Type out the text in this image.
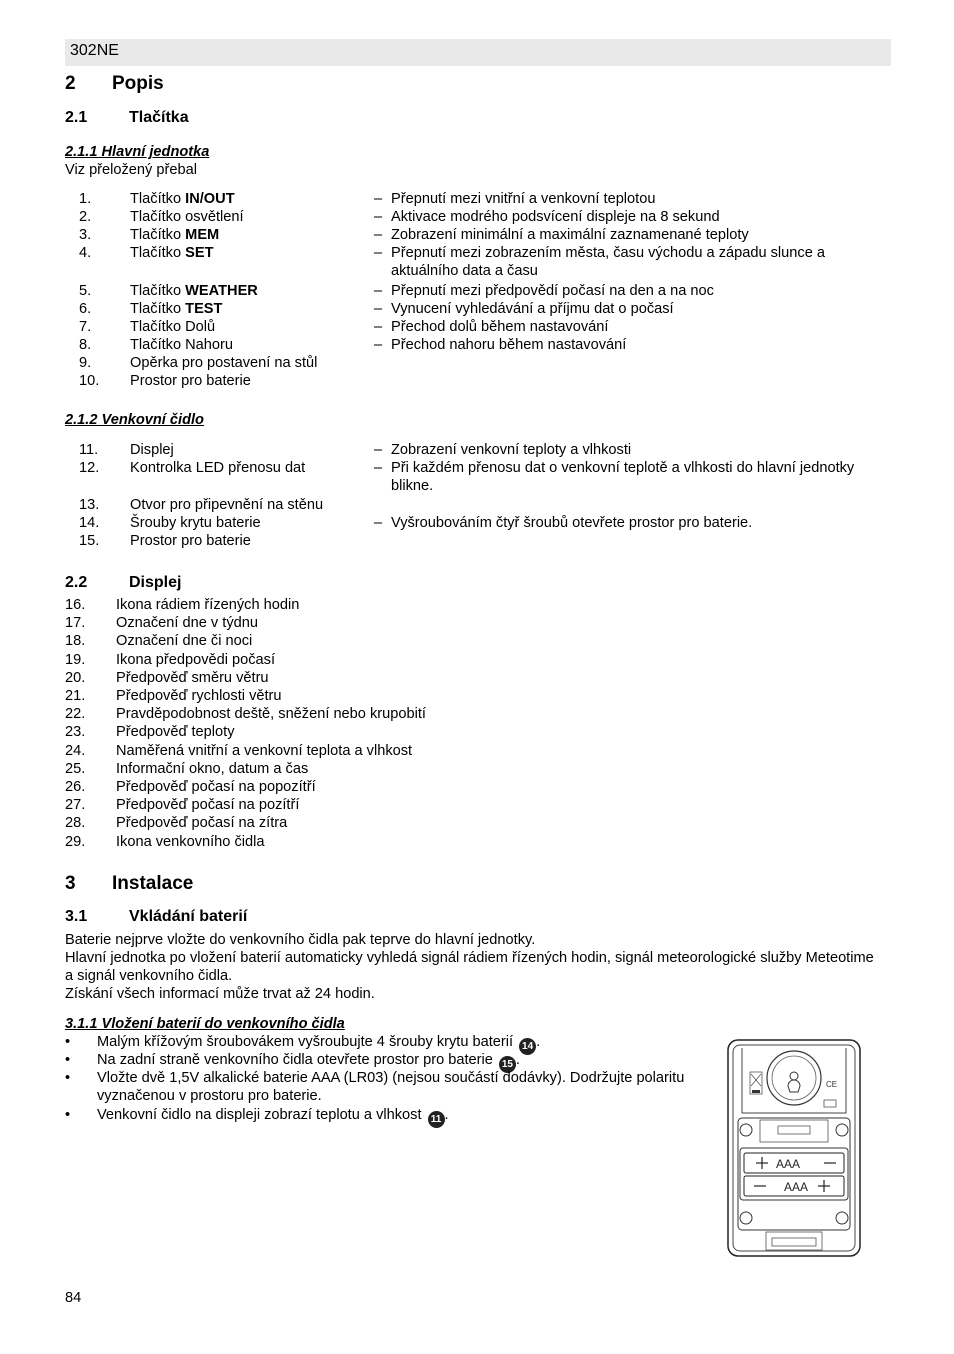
302NE
2 Popis
2.1	Tlačítka
2.1.1 Hlavní jednotka
Viz přeložený přebal
1.	Tlačítko IN/OUT	– Přepnutí mezi vnitřní a venkovní teplotou
2.	Tlačítko osvětlení	– Aktivace modrého podsvícení displeje na 8 sekund
3.	Tlačítko MEM	– Zobrazení minimální a maximální zaznamenané teploty
4.	Tlačítko SET	– Přepnutí mezi zobrazením města, času východu a západu slunce a aktuálního data a času
5.	Tlačítko WEATHER	– Přepnutí mezi předpovědí počasí na den a na noc
6.	Tlačítko TEST	– Vynucení vyhledávání a příjmu dat o počasí
7.	Tlačítko Dolů	– Přechod dolů během nastavování
8.	Tlačítko Nahoru	– Přechod nahoru během nastavování
9.	Opěrka pro postavení na stůl
10. Prostor pro baterie
2.1.2 Venkovní čidlo
11. Displej	– Zobrazení venkovní teploty a vlhkosti
12. Kontrolka LED přenosu dat	– Při každém přenosu dat o venkovní teplotě a vlhkosti do hlavní jednotky blikne.
13. Otvor pro připevnění na stěnu
14. Šrouby krytu baterie	– Vyšroubováním čtyř šroubů otevřete prostor pro baterie.
15. Prostor pro baterie
2.2	Displej
16. Ikona rádiem řízených hodin
17. Označení dne v týdnu
18. Označení dne či noci
19. Ikona předpovědi počasí
20. Předpověď směru větru
21. Předpověď rychlosti větru
22. Pravděpodobnost deště, sněžení nebo krupobití
23. Předpověď teploty
24. Naměřená vnitřní a venkovní teplota a vlhkost
25. Informační okno, datum a čas
26. Předpověď počasí na popozítří
27. Předpověď počasí na pozítří
28. Předpověď počasí na zítra
29. Ikona venkovního čidla
3 Instalace
3.1	Vkládání baterií
Baterie nejprve vložte do venkovního čidla pak teprve do hlavní jednotky.
Hlavní jednotka po vložení baterií automaticky vyhledá signál rádiem řízených hodin, signál meteorologické služby Meteotime a signál venkovního čidla.
Získání všech informací může trvat až 24 hodin.
3.1.1 Vložení baterií do venkovního čidla
• Malým křížovým šroubovákem vyšroubujte 4 šrouby krytu baterií 14 .
• Na zadní straně venkovního čidla otevřete prostor pro baterie 15 .
• Vložte dvě 1,5V alkalické baterie AAA (LR03) (nejsou součástí dodávky). Dodržujte polaritu vyznačenou v prostoru pro baterie.
• Venkovní čidlo na displeji zobrazí teplotu a vlhkost 11 .
CE
AAA
AAA
84
